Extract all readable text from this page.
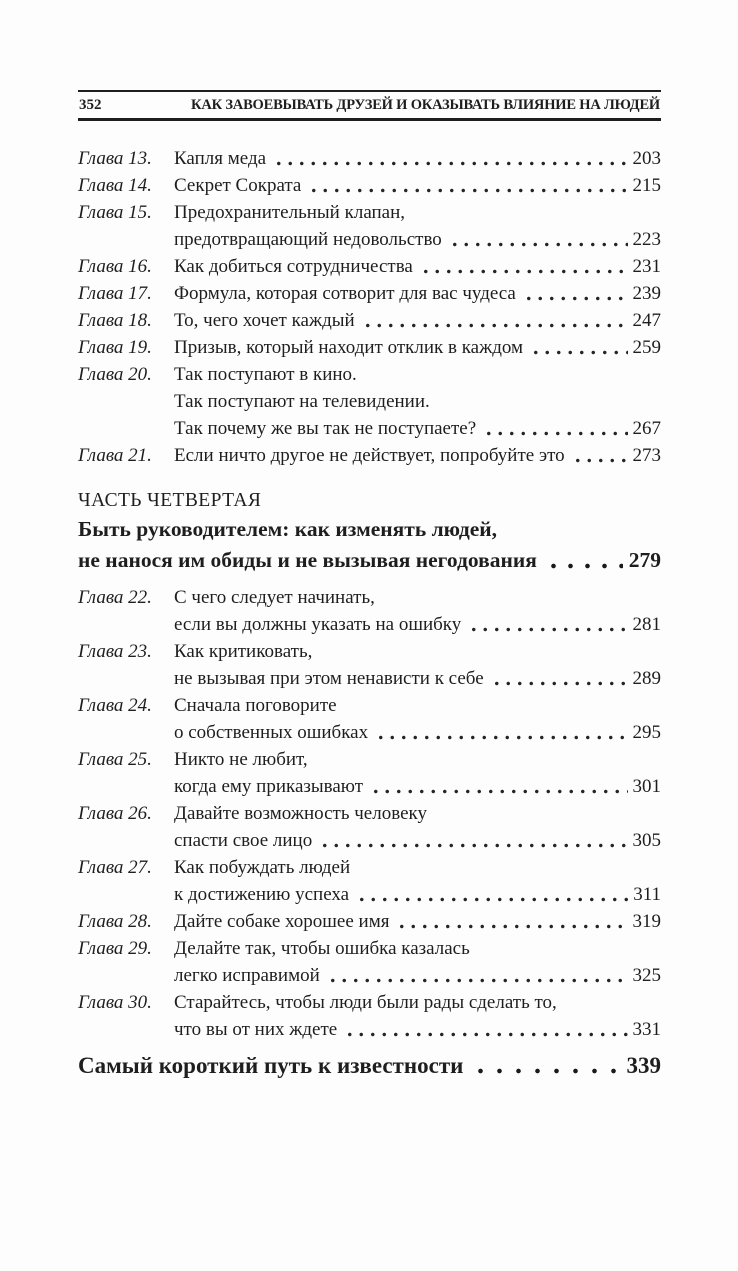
352	КАК ЗАВОЕВЫВАТЬ ДРУЗЕЙ И ОКАЗЫВАТЬ ВЛИЯНИЕ НА ЛЮДЕЙ
Глава 13.	Капля меда	203
Глава 14.	Секрет Сократа	215
Глава 15.	Предохранительный клапан,
предотвращающий недовольство	223
Глава 16.	Как добиться сотрудничества	231
Глава 17.	Формула, которая сотворит для вас чудеса	239
Глава 18.	То, чего хочет каждый	247
Глава 19.	Призыв, который находит отклик в каждом	259
Глава 20.	Так поступают в кино.
Так поступают на телевидении.
Так почему же вы так не поступаете?	267
Глава 21.	Если ничто другое не действует, попробуйте это	273
ЧАСТЬ ЧЕТВЕРТАЯ
Быть руководителем: как изменять людей,
не нанося им обиды и не вызывая негодования	279
Глава 22.	С чего следует начинать,
если вы должны указать на ошибку	281
Глава 23.	Как критиковать,
не вызывая при этом ненависти к себе	289
Глава 24.	Сначала поговорите
о собственных ошибках	295
Глава 25.	Никто не любит,
когда ему приказывают	301
Глава 26.	Давайте возможность человеку
спасти свое лицо	305
Глава 27.	Как побуждать людей
к достижению успеха	311
Глава 28.	Дайте собаке хорошее имя	319
Глава 29.	Делайте так, чтобы ошибка казалась
легко исправимой	325
Глава 30.	Старайтесь, чтобы люди были рады сделать то,
что вы от них ждете	331
Самый короткий путь к известности	339
